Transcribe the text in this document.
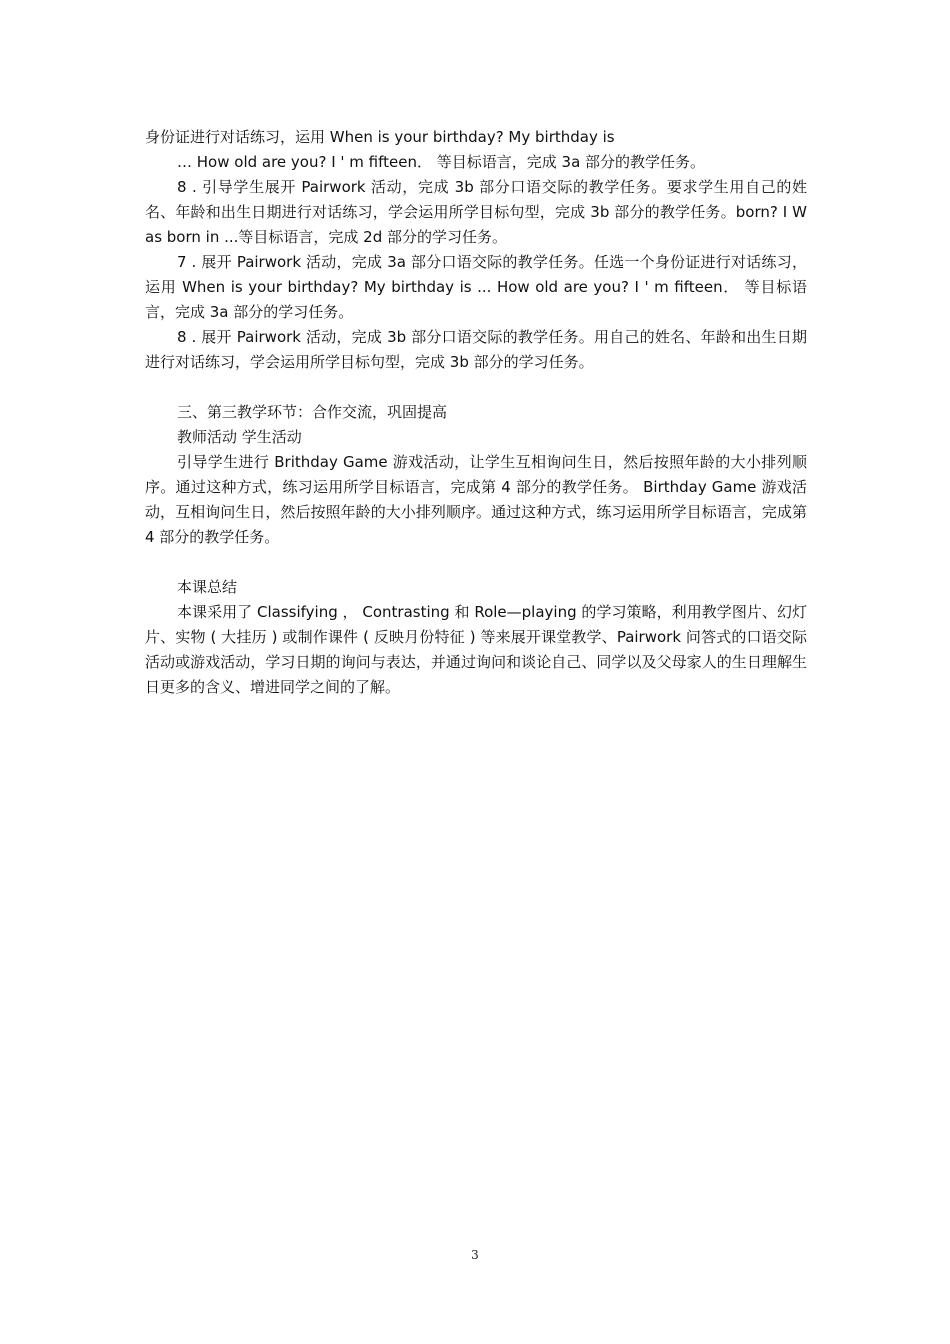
身份证进行对话练习，运用 When is your birthday? My birthday is

… How old are you? I ' m fifteen． 等目标语言，完成 3a 部分的教学任务。

8 . 引导学生展开 Pairwork 活动，完成 3b 部分口语交际的教学任务。要求学生用自己的姓名、年龄和出生日期进行对话练习，学会运用所学目标句型，完成 3b 部分的教学任务。born? I Was born in ...等目标语言，完成 2d 部分的学习任务。

7 . 展开 Pairwork 活动，完成 3a 部分口语交际的教学任务。任选一个身份证进行对话练习，运用 When is your birthday? My birthday is ... How old are you? I ' m fifteen． 等目标语言，完成 3a 部分的学习任务。

8 . 展开 Pairwork 活动，完成 3b 部分口语交际的教学任务。用自己的姓名、年龄和出生日期进行对话练习，学会运用所学目标句型，完成 3b 部分的学习任务。

三、第三教学环节：合作交流，巩固提高

教师活动 学生活动

引导学生进行 Brithday Game 游戏活动，让学生互相询问生日，然后按照年龄的大小排列顺序。通过这种方式，练习运用所学目标语言，完成第 4 部分的教学任务。 Birthday Game 游戏活动，互相询问生日，然后按照年龄的大小排列顺序。通过这种方式，练习运用所学目标语言，完成第 4 部分的教学任务。

本课总结

本课采用了 Classifying ， Contrasting 和 Role—playing 的学习策略，利用教学图片、幻灯片、实物 ( 大挂历 ) 或制作课件 ( 反映月份特征 ) 等来展开课堂教学、Pairwork 问答式的口语交际活动或游戏活动，学习日期的询问与表达，并通过询问和谈论自己、同学以及父母家人的生日理解生日更多的含义、增进同学之间的了解。

3
